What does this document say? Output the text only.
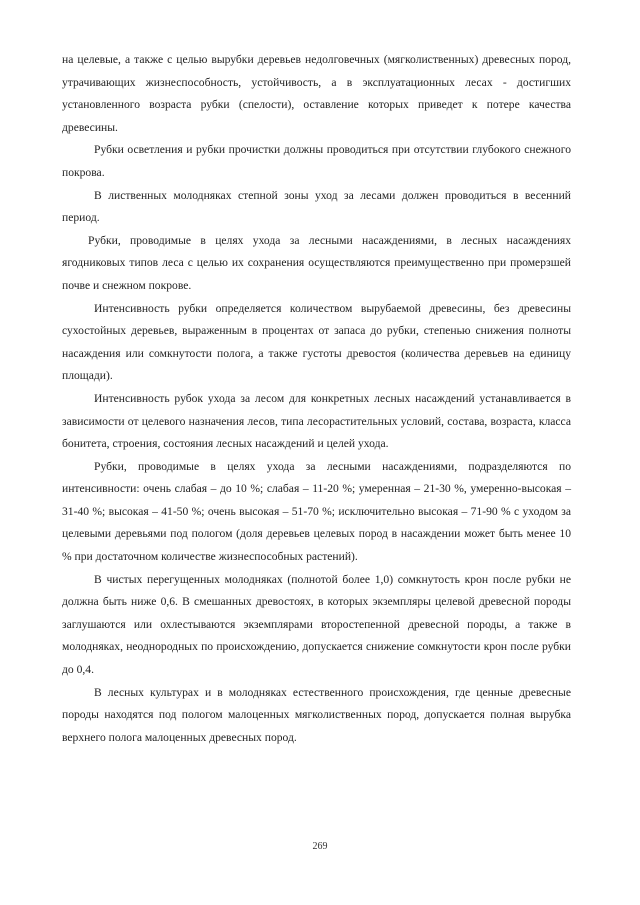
на целевые, а также с целью вырубки деревьев недолговечных (мягколиственных) древесных пород, утрачивающих жизнеспособность, устойчивость, а в эксплуатационных лесах - достигших установленного возраста рубки (спелости), оставление которых приведет к потере качества древесины.

Рубки осветления и рубки прочистки должны проводиться при отсутствии глубокого снежного покрова.

В лиственных молодняках степной зоны уход за лесами должен проводиться в весенний период.

Рубки, проводимые в целях ухода за лесными насаждениями, в лесных насаждениях ягодниковых типов леса с целью их сохранения осуществляются преимущественно при промерзшей почве и снежном покрове.

Интенсивность рубки определяется количеством вырубаемой древесины, без древесины сухостойных деревьев, выраженным в процентах от запаса до рубки, степенью снижения полноты насаждения или сомкнутости полога, а также густоты древостоя (количества деревьев на единицу площади).

Интенсивность рубок ухода за лесом для конкретных лесных насаждений устанавливается в зависимости от целевого назначения лесов, типа лесорастительных условий, состава, возраста, класса бонитета, строения, состояния лесных насаждений и целей ухода.

Рубки, проводимые в целях ухода за лесными насаждениями, подразделяются по интенсивности: очень слабая – до 10 %; слабая – 11-20 %; умеренная – 21-30 %, умеренно-высокая – 31-40 %; высокая – 41-50 %; очень высокая – 51-70 %; исключительно высокая – 71-90 % с уходом за целевыми деревьями под пологом (доля деревьев целевых пород в насаждении может быть менее 10 % при достаточном количестве жизнеспособных растений).

В чистых перегущенных молодняках (полнотой более 1,0) сомкнутость крон после рубки не должна быть ниже 0,6. В смешанных древостоях, в которых экземпляры целевой древесной породы заглушаются или охлестываются экземплярами второстепенной древесной породы, а также в молодняках, неоднородных по происхождению, допускается снижение сомкнутости крон после рубки до 0,4.

В лесных культурах и в молодняках естественного происхождения, где ценные древесные породы находятся под пологом малоценных мягколиственных пород, допускается полная вырубка верхнего полога малоценных древесных пород.

269
